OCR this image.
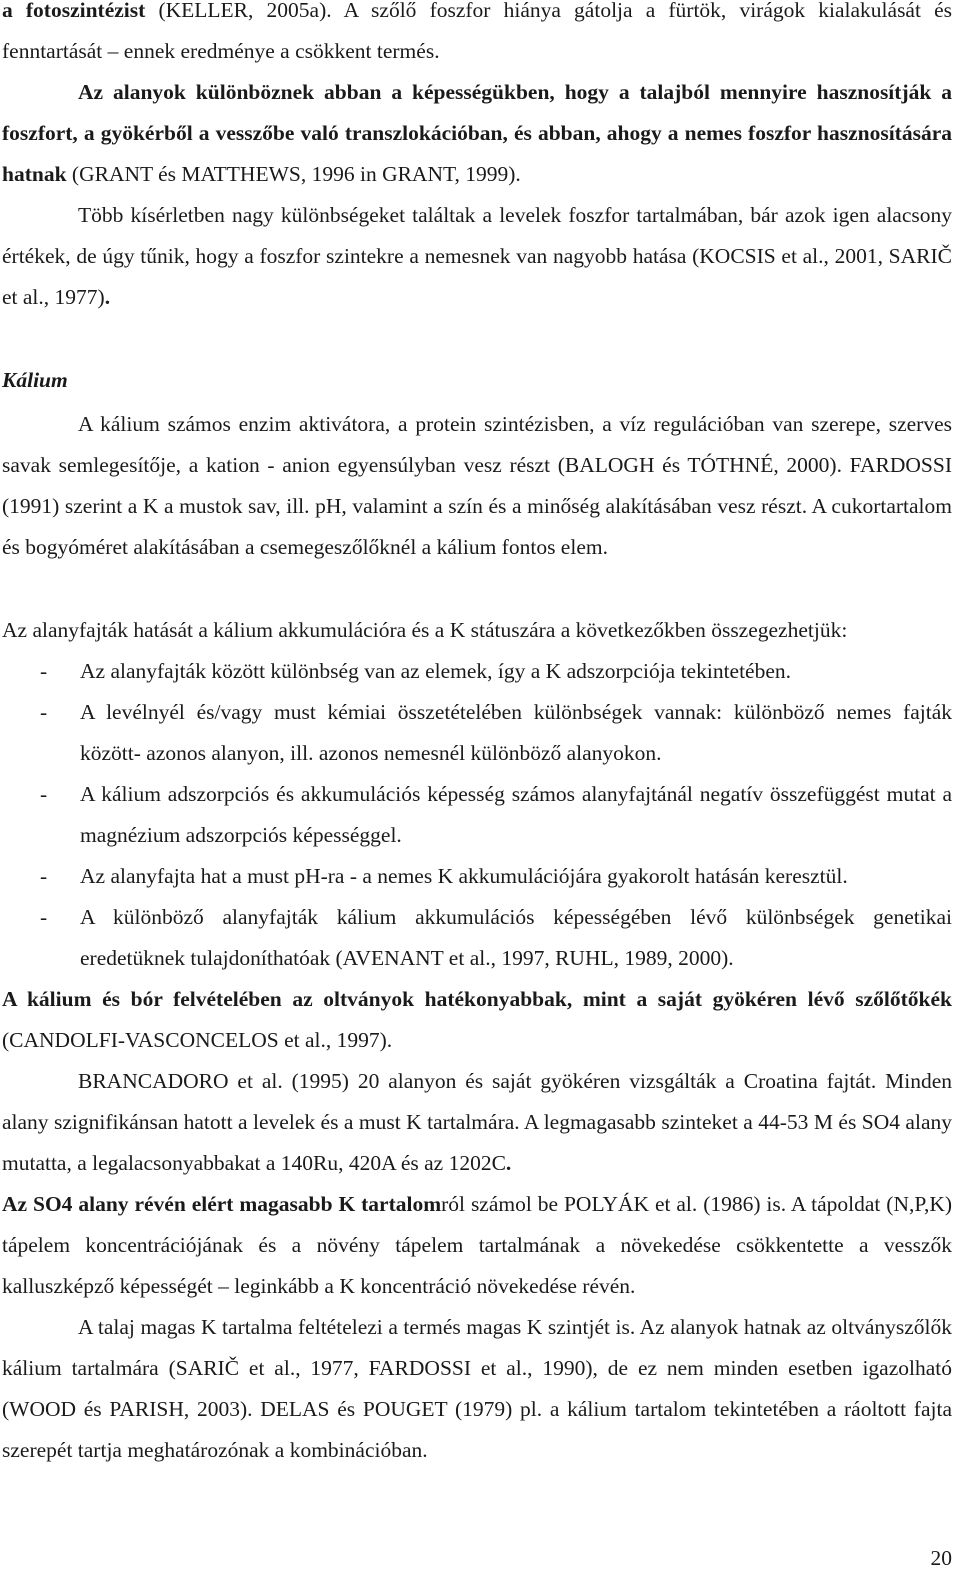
a fotoszintézist (KELLER, 2005a). A szőlő foszfor hiánya gátolja a fürtök, virágok kialakulását és fenntartását – ennek eredménye a csökkent termés.

Az alanyok különböznek abban a képességükben, hogy a talajból mennyire hasznosítják a foszfort, a gyökérből a vesszőbe való transzlokációban, és abban, ahogy a nemes foszfor hasznosítására hatnak (GRANT és MATTHEWS, 1996 in GRANT, 1999).

Több kísérletben nagy különbségeket találtak a levelek foszfor tartalmában, bár azok igen alacsony értékek, de úgy tűnik, hogy a foszfor szintekre a nemesnek van nagyobb hatása (KOCSIS et al., 2001, SARIČ et al., 1977).

Kálium

A kálium számos enzim aktivátora, a protein szintézisben, a víz regulációban van szerepe, szerves savak semlegesítője, a kation - anion egyensúlyban vesz részt (BALOGH és TÓTHNÉ, 2000). FARDOSSI (1991) szerint a K a mustok sav, ill. pH, valamint a szín és a minőség alakításában vesz részt. A cukortartalom és bogyóméret alakításában a csemegeszőlőknél a kálium fontos elem.

Az alanyfajták hatását a kálium akkumulációra és a K státuszára a következőkben összegezhetjük:

- Az alanyfajták között különbség van az elemek, így a K adszorpciója tekintetében.
- A levélnyél és/vagy must kémiai összetételében különbségek vannak: különböző nemes fajták között- azonos alanyon, ill. azonos nemesnél különböző alanyokon.
- A kálium adszorpciós és akkumulációs képesség számos alanyfajtánál negatív összefüggést mutat a magnézium adszorpciós képességgel.
- Az alanyfajta hat a must pH-ra - a nemes K akkumulációjára gyakorolt hatásán keresztül.
- A különböző alanyfajták kálium akkumulációs képességében lévő különbségek genetikai eredetüknek tulajdoníthatóak (AVENANT et al., 1997, RUHL, 1989, 2000).

A kálium és bór felvételében az oltványok hatékonyabbak, mint a saját gyökéren lévő szőlőtőkék (CANDOLFI-VASCONCELOS et al., 1997).

BRANCADORO et al. (1995) 20 alanyon és saját gyökéren vizsgálták a Croatina fajtát. Minden alany szignifikánsan hatott a levelek és a must K tartalmára. A legmagasabb szinteket a 44-53 M és SO4 alany mutatta, a legalacsonyabbakat a 140Ru, 420A és az 1202C.

Az SO4 alany révén elért magasabb K tartalomról számol be POLYÁK et al. (1986) is. A tápoldat (N,P,K) tápelem koncentrációjának és a növény tápelem tartalmának a növekedése csökkentette a vesszők kalluszképző képességét – leginkább a K koncentráció növekedése révén.

A talaj magas K tartalma feltételezi a termés magas K szintjét is. Az alanyok hatnak az oltványszőlők kálium tartalmára (SARIČ et al., 1977, FARDOSSI et al., 1990), de ez nem minden esetben igazolható (WOOD és PARISH, 2003). DELAS és POUGET (1979) pl. a kálium tartalom tekintetében a ráoltott fajta szerepét tartja meghatározónak a kombinációban.

20
